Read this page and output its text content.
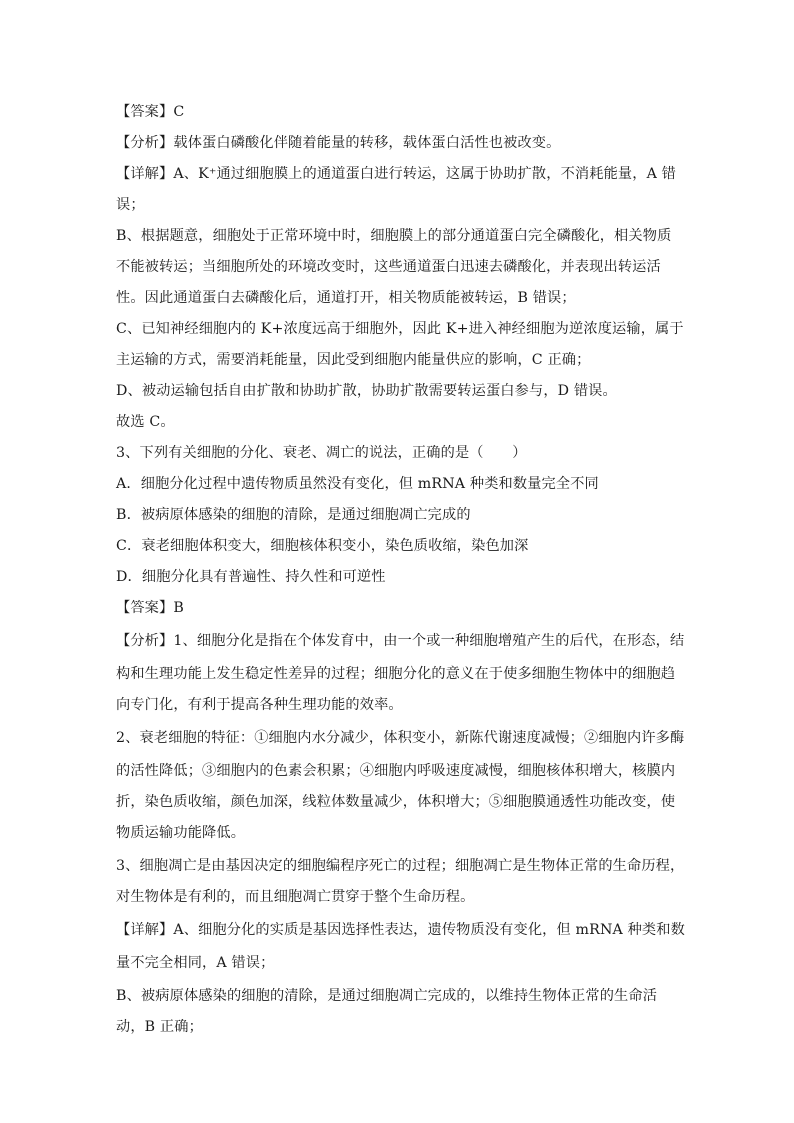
【答案】C
【分析】载体蛋白磷酸化伴随着能量的转移，载体蛋白活性也被改变。
【详解】A、K⁺通过细胞膜上的通道蛋白进行转运，这属于协助扩散，不消耗能量，A 错
误；
B、根据题意，细胞处于正常环境中时，细胞膜上的部分通道蛋白完全磷酸化，相关物质
不能被转运；当细胞所处的环境改变时，这些通道蛋白迅速去磷酸化，并表现出转运活
性。因此通道蛋白去磷酸化后，通道打开，相关物质能被转运，B 错误；
C、已知神经细胞内的 K+浓度远高于细胞外，因此 K+进入神经细胞为逆浓度运输，属于
主运输的方式，需要消耗能量，因此受到细胞内能量供应的影响，C 正确；
D、被动运输包括自由扩散和协助扩散，协助扩散需要转运蛋白参与，D 错误。
故选 C。
3、下列有关细胞的分化、衰老、凋亡的说法，正确的是（　　）
A．细胞分化过程中遗传物质虽然没有变化，但 mRNA 种类和数量完全不同
B．被病原体感染的细胞的清除，是通过细胞凋亡完成的
C．衰老细胞体积变大，细胞核体积变小，染色质收缩，染色加深
D．细胞分化具有普遍性、持久性和可逆性
【答案】B
【分析】1、细胞分化是指在个体发育中，由一个或一种细胞增殖产生的后代，在形态，结
构和生理功能上发生稳定性差异的过程；细胞分化的意义在于使多细胞生物体中的细胞趋
向专门化，有利于提高各种生理功能的效率。
2、衰老细胞的特征：①细胞内水分减少，体积变小，新陈代谢速度减慢；②细胞内许多酶
的活性降低；③细胞内的色素会积累；④细胞内呼吸速度减慢，细胞核体积增大，核膜内
折，染色质收缩，颜色加深，线粒体数量减少，体积增大；⑤细胞膜通透性功能改变，使
物质运输功能降低。
3、细胞凋亡是由基因决定的细胞编程序死亡的过程；细胞凋亡是生物体正常的生命历程，
对生物体是有利的，而且细胞凋亡贯穿于整个生命历程。
【详解】A、细胞分化的实质是基因选择性表达，遗传物质没有变化，但 mRNA 种类和数
量不完全相同，A 错误；
B、被病原体感染的细胞的清除，是通过细胞凋亡完成的，以维持生物体正常的生命活
动，B 正确；
